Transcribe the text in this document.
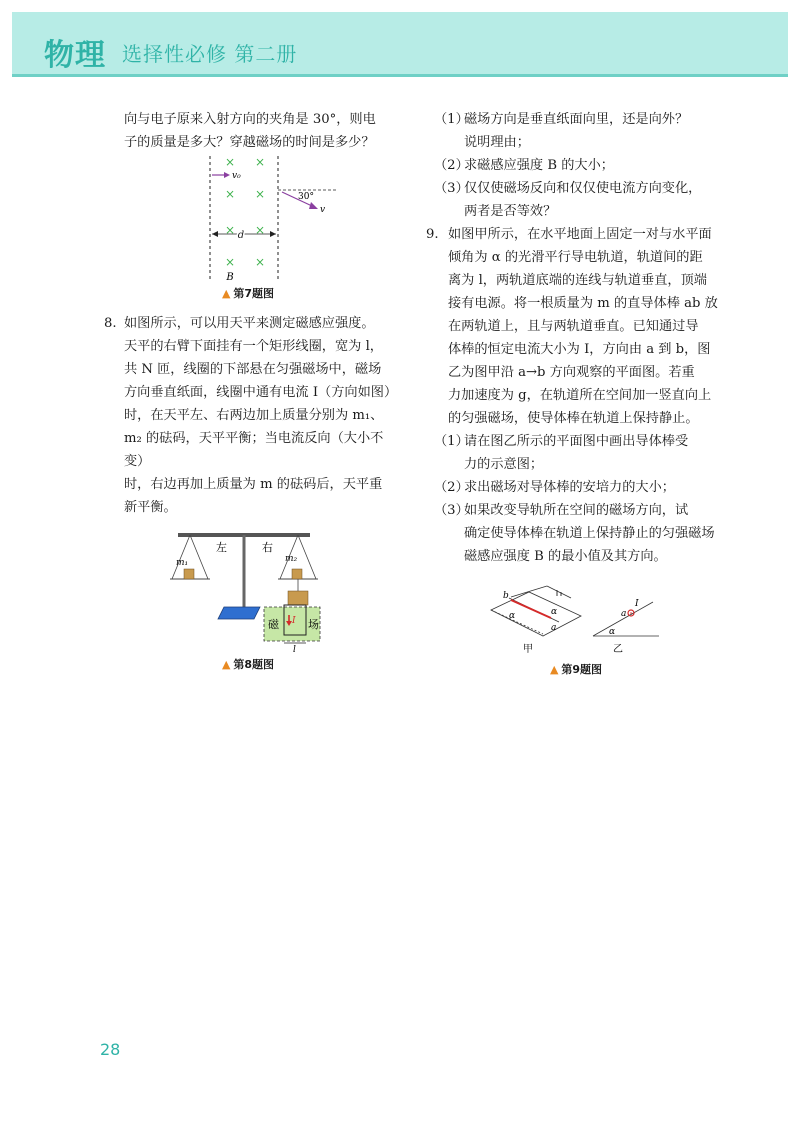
物理 选择性必修 第二册

向与电子原来入射方向的夹角是 30°，则电

子的质量是多大？穿越磁场的时间是多少？

× ×
× ×
× ×
× ×
v₀
30°
v
d
B
▲ 第7题图
8. 如图所示，可以用天平来测定磁感应强度。

天平的右臂下面挂有一个矩形线圈，宽为 l，

共 N 匝，线圈的下部悬在匀强磁场中，磁场

方向垂直纸面，线圈中通有电流 I（方向如图）

时，在天平左、右两边加上质量分别为 m₁、

m₂ 的砝码，天平平衡；当电流反向（大小不变）

时，右边再加上质量为 m 的砝码后，天平重

新平衡。

m₁	m₂
左	右
I
磁	场
l
▲ 第8题图
（1）

磁场方向是垂直纸面向里，还是向外？

说明理由；

（2）

求磁感应强度 B 的大小；

（3）

仅仅使磁场反向和仅仅使电流方向变化，

两者是否等效？

9. 如图甲所示，在水平地面上固定一对与水平面

倾角为 α 的光滑平行导电轨道，轨道间的距

离为 l，两轨道底端的连线与轨道垂直，顶端

接有电源。将一根质量为 m 的直导体棒 ab 放

在两轨道上，且与两轨道垂直。已知通过导

体棒的恒定电流大小为 I，方向由 a 到 b，图

乙为图甲沿 a→b 方向观察的平面图。若重

力加速度为 g，在轨道所在空间加一竖直向上

的匀强磁场，使导体棒在轨道上保持静止。

（1）

请在图乙所示的平面图中画出导体棒受

力的示意图；

（2）

求出磁场对导体棒的安培力的大小；

（3）

如果改变导轨所在空间的磁场方向，试

确定使导体棒在轨道上保持静止的匀强磁场

磁感应强度 B 的最小值及其方向。

b
a
α	α
甲
I
a
α
乙
▲ 第9题图
28
